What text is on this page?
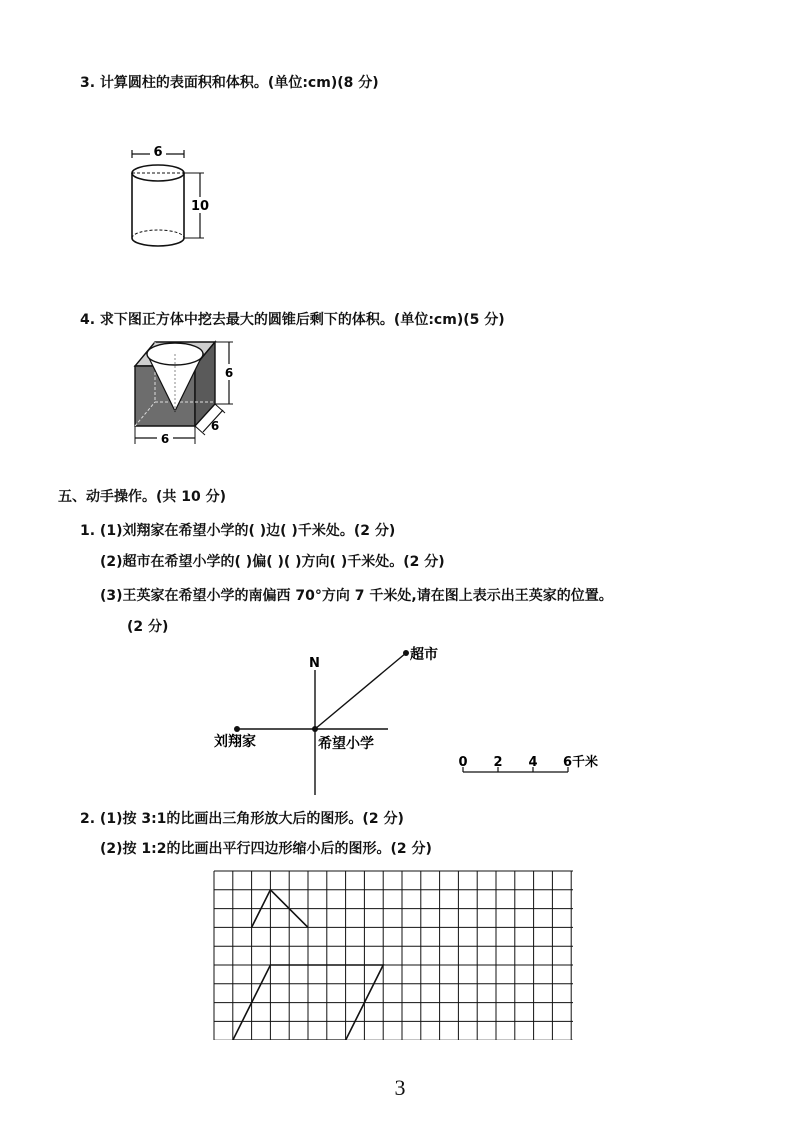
3. 计算圆柱的表面积和体积。(单位:cm)(8 分)
6
10
4. 求下图正方体中挖去最大的圆锥后剩下的体积。(单位:cm)(5 分)
6
6
6
五、动手操作。(共 10 分)
1. (1)刘翔家在希望小学的( )边( )千米处。(2 分)
(2)超市在希望小学的( )偏( )( )方向( )千米处。(2 分)
(3)王英家在希望小学的南偏西 70°方向 7 千米处,请在图上表示出王英家的位置。
(2 分)
N
超市
刘翔家	希望小学
0 2 4 6千米
2. (1)按 3:1的比画出三角形放大后的图形。(2 分)
(2)按 1:2的比画出平行四边形缩小后的图形。(2 分)
3
